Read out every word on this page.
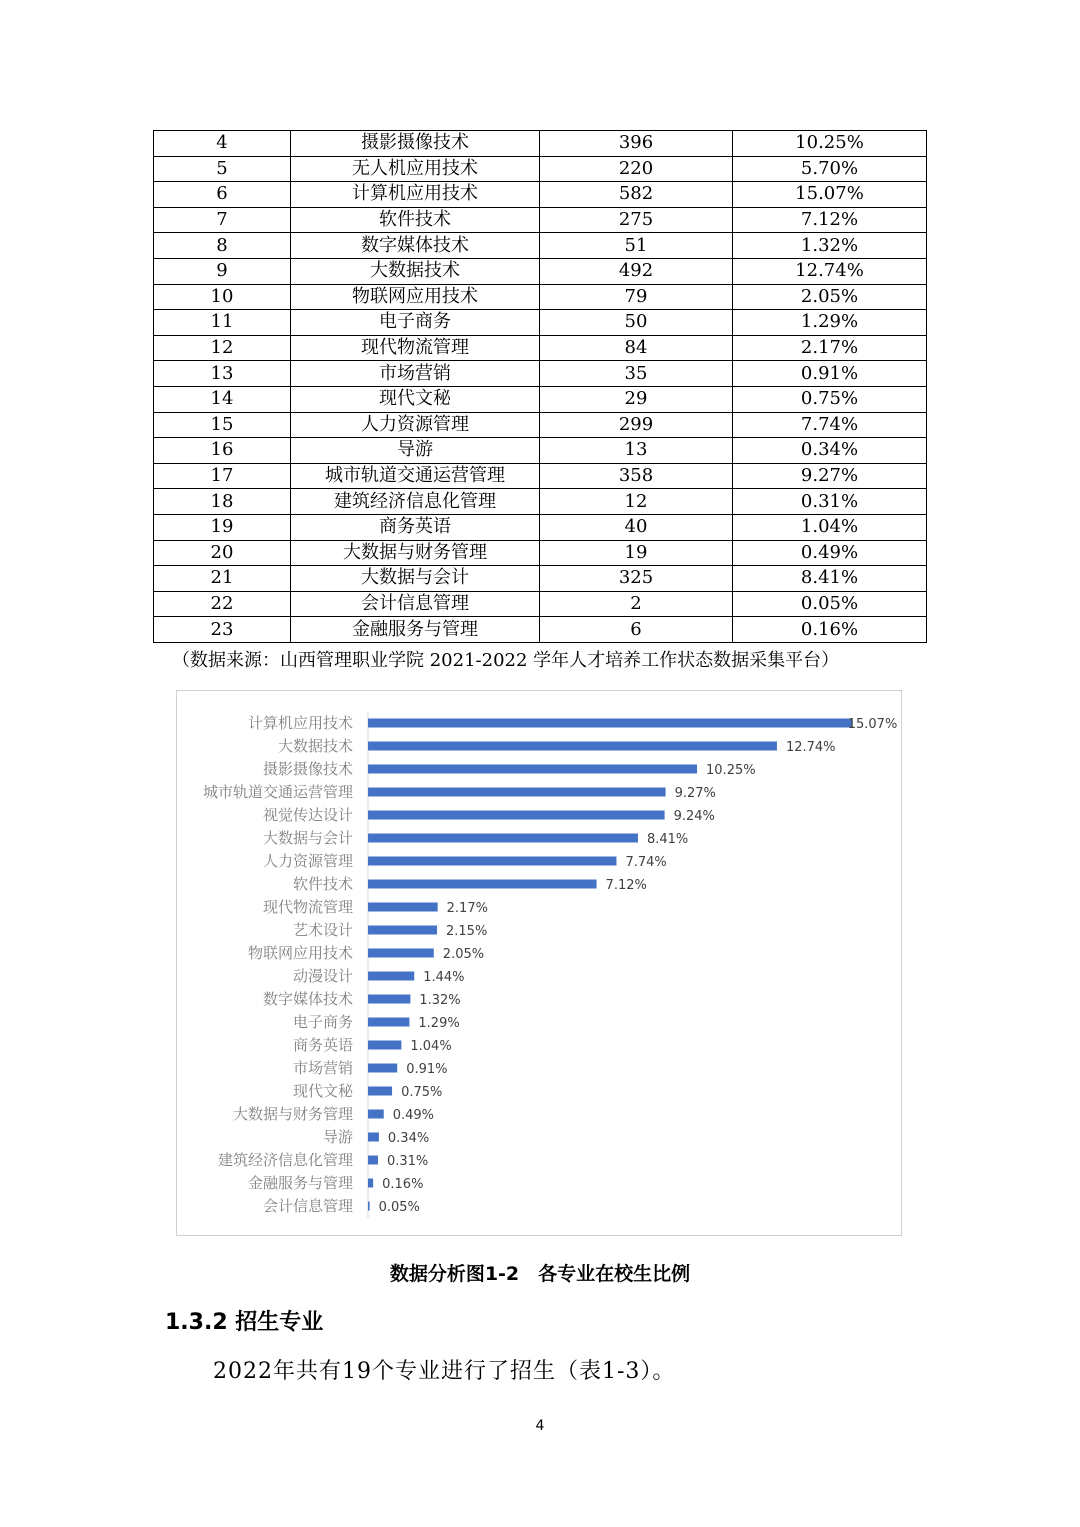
4	摄影摄像技术	396	10.25%
5	无人机应用技术	220	5.70%
6	计算机应用技术	582	15.07%
7	软件技术	275	7.12%
8	数字媒体技术	51	1.32%
9	大数据技术	492	12.74%
10	物联网应用技术	79	2.05%
11	电子商务	50	1.29%
12	现代物流管理	84	2.17%
13	市场营销	35	0.91%
14	现代文秘	29	0.75%
15	人力资源管理	299	7.74%
16	导游	13	0.34%
17	城市轨道交通运营管理	358	9.27%
18	建筑经济信息化管理	12	0.31%
19	商务英语	40	1.04%
20	大数据与财务管理	19	0.49%
21	大数据与会计	325	8.41%
22	会计信息管理	2	0.05%
23	金融服务与管理	6	0.16%
（数据来源：山西管理职业学院 2021-2022 学年人才培养工作状态数据采集平台）
计算机应用技术	15.07%
大数据技术	12.74%
摄影摄像技术	10.25%
城市轨道交通运营管理	9.27%
视觉传达设计	9.24%
大数据与会计	8.41%
人力资源管理	7.74%
软件技术	7.12%
现代物流管理	2.17%
艺术设计	2.15%
物联网应用技术	2.05%
动漫设计	1.44%
数字媒体技术	1.32%
电子商务	1.29%
商务英语	1.04%
市场营销	0.91%
现代文秘	0.75%
大数据与财务管理	0.49%
导游	0.34%
建筑经济信息化管理	0.31%
金融服务与管理 0.16%
会计信息管理 0.05%
数据分析图1-2　各专业在校生比例
1.3.2 招生专业
2022年共有19个专业进行了招生（表1-3）。
4
